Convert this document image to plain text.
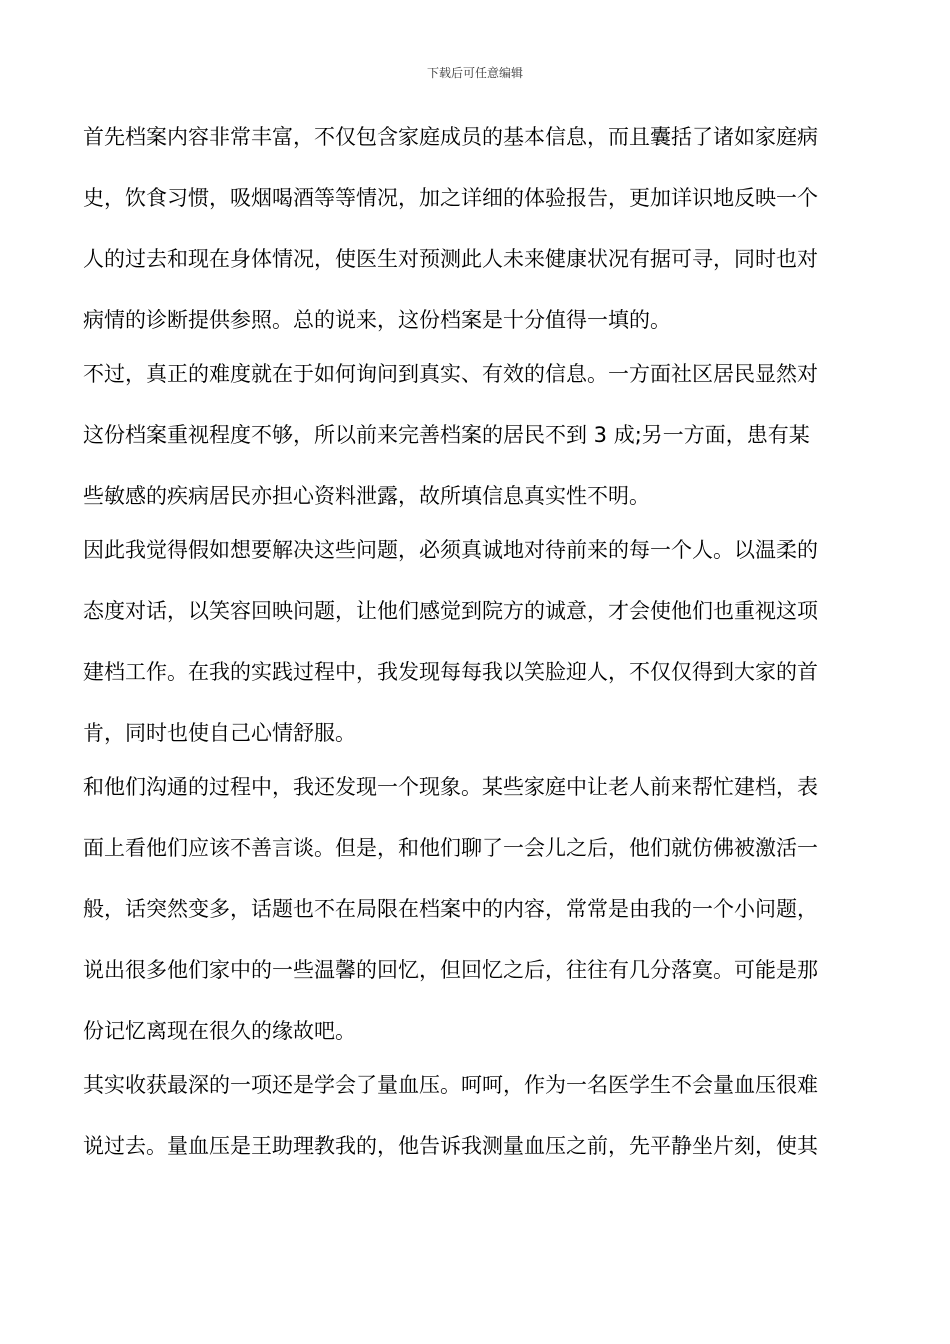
下载后可任意编辑
首先档案内容非常丰富，不仅包含家庭成员的基本信息，而且囊括了诸如家庭病
史，饮食习惯，吸烟喝酒等等情况，加之详细的体验报告，更加详识地反映一个
人的过去和现在身体情况，使医生对预测此人未来健康状况有据可寻，同时也对
病情的诊断提供参照。总的说来，这份档案是十分值得一填的。
不过，真正的难度就在于如何询问到真实、有效的信息。一方面社区居民显然对
这份档案重视程度不够，所以前来完善档案的居民不到 3 成;另一方面，患有某
些敏感的疾病居民亦担心资料泄露，故所填信息真实性不明。
因此我觉得假如想要解决这些问题，必须真诚地对待前来的每一个人。以温柔的
态度对话，以笑容回映问题，让他们感觉到院方的诚意，才会使他们也重视这项
建档工作。在我的实践过程中，我发现每每我以笑脸迎人，不仅仅得到大家的首
肯，同时也使自己心情舒服。
和他们沟通的过程中，我还发现一个现象。某些家庭中让老人前来帮忙建档，表
面上看他们应该不善言谈。但是，和他们聊了一会儿之后，他们就仿佛被激活一
般，话突然变多，话题也不在局限在档案中的内容，常常是由我的一个小问题，
说出很多他们家中的一些温馨的回忆，但回忆之后，往往有几分落寞。可能是那
份记忆离现在很久的缘故吧。
其实收获最深的一项还是学会了量血压。呵呵，作为一名医学生不会量血压很难
说过去。量血压是王助理教我的，他告诉我测量血压之前，先平静坐片刻，使其
